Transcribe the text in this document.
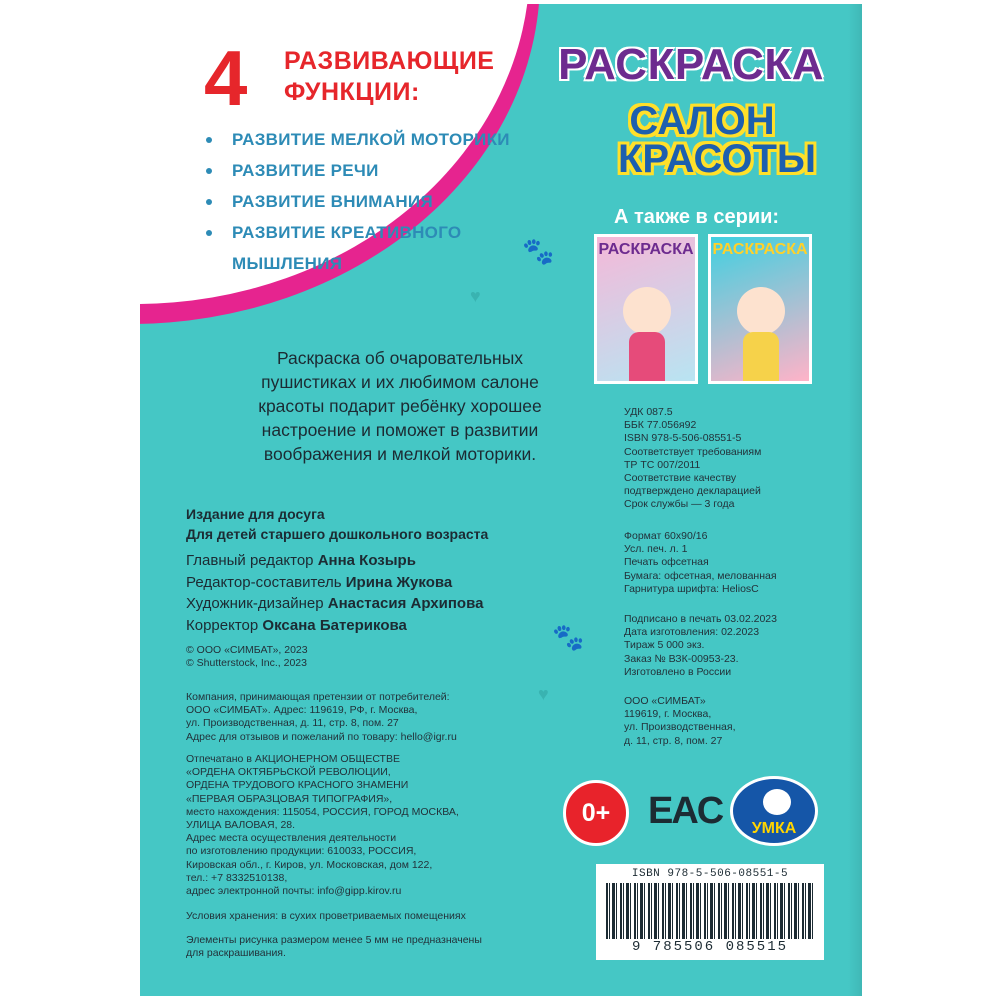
4 РАЗВИВАЮЩИЕ
ФУНКЦИИ:
РАЗВИТИЕ МЕЛКОЙ МОТОРИКИ
РАЗВИТИЕ РЕЧИ
РАЗВИТИЕ ВНИМАНИЯ
РАЗВИТИЕ КРЕАТИВНОГО
МЫШЛЕНИЯ
РАСКРАСКА
САЛОН
КРАСОТЫ
А также в серии:
РАСКРАСКА РАСКРАСКА
🐾
♥
🐾
♥
Раскраска об очаровательных
пушистиках и их любимом салоне
красоты подарит ребёнку хорошее
настроение и поможет в развитии
воображения и мелкой моторики.
Издание для досуга
Для детей старшего дошкольного возраста
Главный редактор Анна Козырь
Редактор-составитель Ирина Жукова
Художник-дизайнер Анастасия Архипова
Корректор Оксана Батерикова
© ООО «СИМБАТ», 2023
© Shutterstock, Inc., 2023
Компания, принимающая претензии от потребителей:
ООО «СИМБАТ». Адрес: 119619, РФ, г. Москва,
ул. Производственная, д. 11, стр. 8, пом. 27
Адрес для отзывов и пожеланий по товару: hello@igr.ru
Отпечатано в АКЦИОНЕРНОМ ОБЩЕСТВЕ
«ОРДЕНА ОКТЯБРЬСКОЙ РЕВОЛЮЦИИ,
ОРДЕНА ТРУДОВОГО КРАСНОГО ЗНАМЕНИ
«ПЕРВАЯ ОБРАЗЦОВАЯ ТИПОГРАФИЯ»,
место нахождения: 115054, РОССИЯ, ГОРОД МОСКВА,
УЛИЦА ВАЛОВАЯ, 28.
Адрес места осуществления деятельности
по изготовлению продукции: 610033, РОССИЯ,
Кировская обл., г. Киров, ул. Московская, дом 122,
тел.: +7 8332510138,
адрес электронной почты: info@gipp.kirov.ru
Условия хранения: в сухих проветриваемых помещениях
Элементы рисунка размером менее 5 мм не предназначены
для раскрашивания.
УДК 087.5
ББК 77.056я92
ISBN 978-5-506-08551-5
Соответствует требованиям
ТР ТС 007/2011
Соответствие качеству
подтверждено декларацией
Срок службы — 3 года
Формат 60х90/16
Усл. печ. л. 1
Печать офсетная
Бумага: офсетная, мелованная
Гарнитура шрифта: HeliosC
Подписано в печать 03.02.2023
Дата изготовления: 02.2023
Тираж 5 000 экз.
Заказ № ВЗК-00953-23.
Изготовлено в России
ООО «СИМБАТ»
119619, г. Москва,
ул. Производственная,
д. 11, стр. 8, пом. 27
0+ EAC	УМКА
ISBN 978-5-506-08551-5
9 785506 085515
